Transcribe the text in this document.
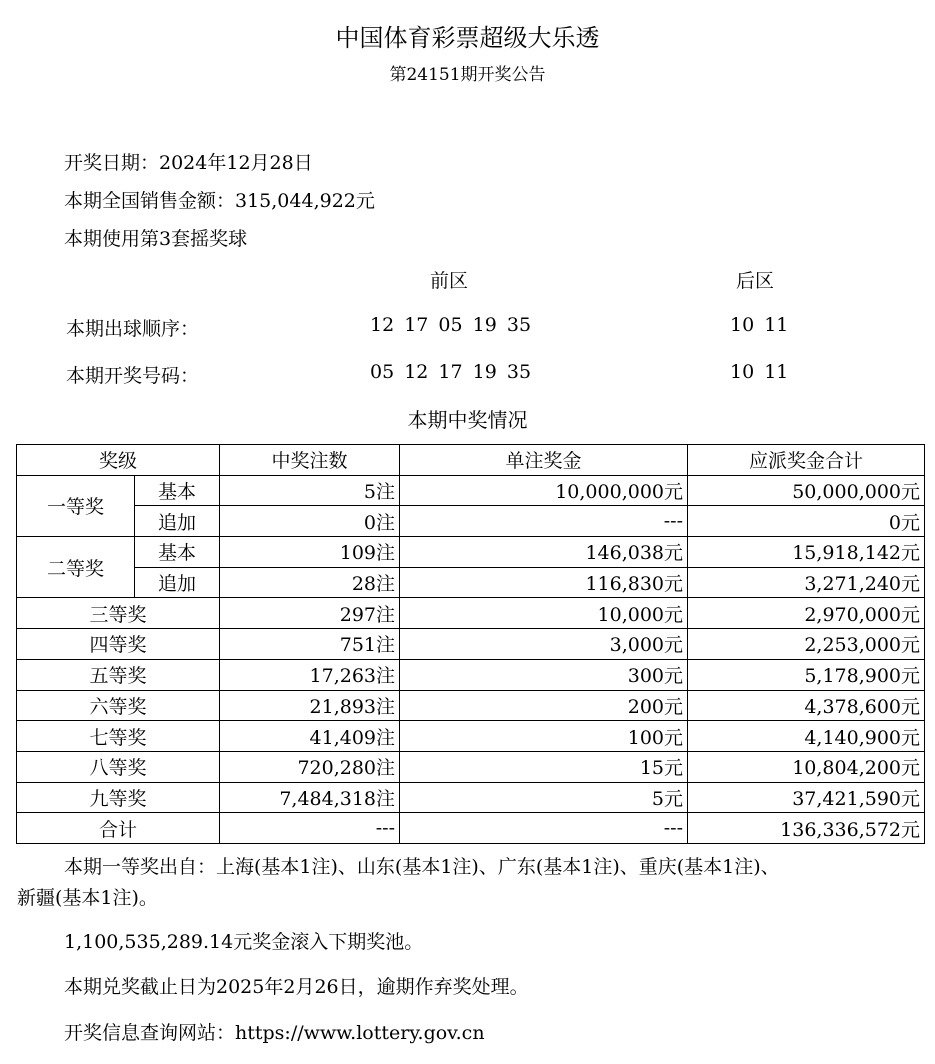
中国体育彩票超级大乐透
第24151期开奖公告
开奖日期：2024年12月28日
本期全国销售金额：315,044,922元
本期使用第3套摇奖球
前区	后区
本期出球顺序：	12 17 05 19 35	10 11
本期开奖号码：	05 12 17 19 35	10 11
本期中奖情况
奖级		中奖注数	单注奖金	应派奖金合计
一等奖	基本	5注	10,000,000元	50,000,000元
	追加	0注	---	0元
二等奖	基本	109注	146,038元	15,918,142元
	追加	28注	116,830元	3,271,240元
三等奖		297注	10,000元	2,970,000元
四等奖		751注	3,000元	2,253,000元
五等奖		17,263注	300元	5,178,900元
六等奖		21,893注	200元	4,378,600元
七等奖		41,409注	100元	4,140,900元
八等奖		720,280注	15元	10,804,200元
九等奖		7,484,318注	5元	37,421,590元
合计		---	---	136,336,572元
本期一等奖出自：上海(基本1注)、山东(基本1注)、广东(基本1注)、重庆(基本1注)、
新疆(基本1注)。
1,100,535,289.14元奖金滚入下期奖池。
本期兑奖截止日为2025年2月26日，逾期作弃奖处理。
开奖信息查询网站：https://www.lottery.gov.cn
